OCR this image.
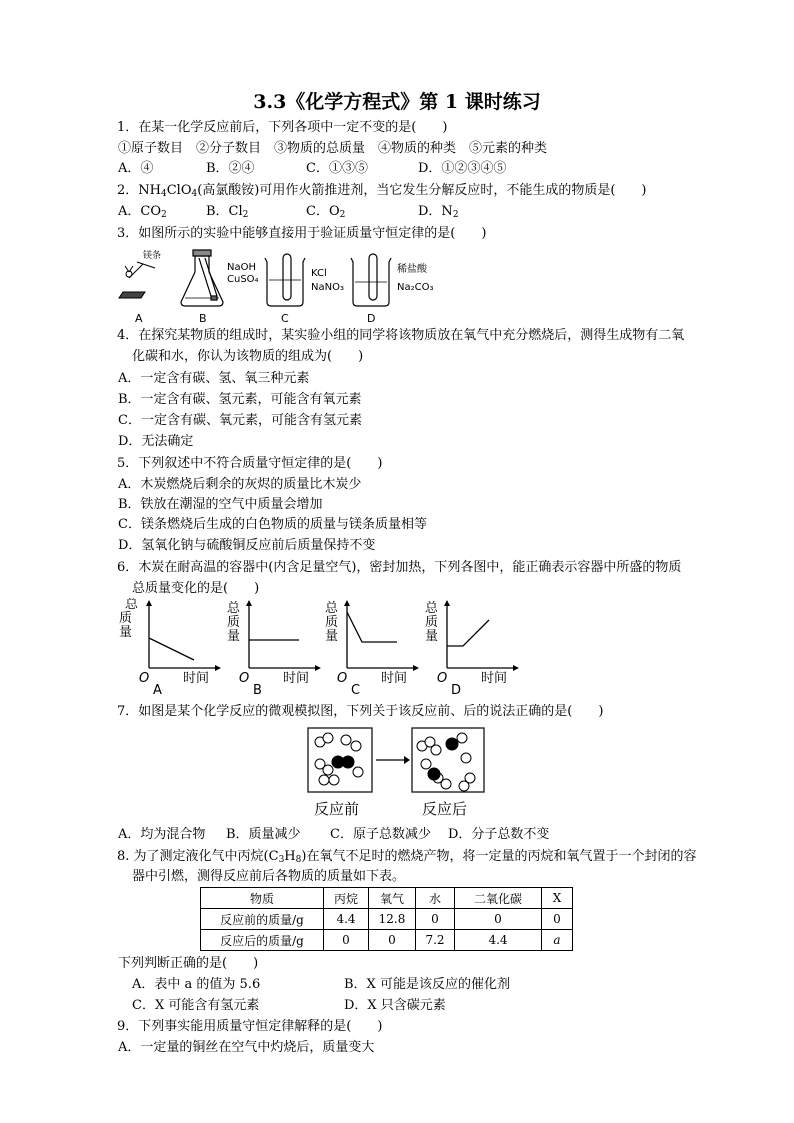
3.3《化学方程式》第 1 课时练习
1．在某一化学反应前后，下列各项中一定不变的是(　　)
①原子数目　②分子数目　③物质的总质量　④物质的种类　⑤元素的种类
A．④	B．②④	C．①③⑤	D．①②③④⑤
2．$NH_4ClO_4$(高氯酸铵)可用作火箭推进剂，当它发生分解反应时，不能生成的物质是(　　)
A．$CO_2$	B．$Cl_2$	C．$O_2$	D．$N_2$
3．如图所示的实验中能够直接用于验证质量守恒定律的是(　　)
镁条
NaOH
CuSO₄
KCl
NaNO₃
稀盐酸
Na₂CO₃
A	B	C	D
4．在探究某物质的组成时，某实验小组的同学将该物质放在氧气中充分燃烧后，测得生成物有二氧
化碳和水，你认为该物质的组成为(　　)
A．一定含有碳、氢、氧三种元素
B．一定含有碳、氢元素，可能含有氧元素
C．一定含有碳、氧元素，可能含有氢元素
D．无法确定
5．下列叙述中不符合质量守恒定律的是(　　)
A．木炭燃烧后剩余的灰烬的质量比木炭少
B．铁放在潮湿的空气中质量会增加
C．镁条燃烧后生成的白色物质的质量与镁条质量相等
D．氢氧化钠与硫酸铜反应前后质量保持不变
6．木炭在耐高温的容器中(内含足量空气)，密封加热，下列各图中，能正确表示容器中所盛的物质
总质量变化的是(　　)
总
质
量
O	时间
A
总
质
量
O	时间
B
总
质
量
O	时间
C
总
质
量
O	时间
D
7．如图是某个化学反应的微观模拟图，下列关于该反应前、后的说法正确的是(　　)
反应前	反应后
A．均为混合物 B．质量减少 C．原子总数减少 D．分子总数不变
8. 为了测定液化气中丙烷$(C_3H_8)$在氧气不足时的燃烧产物，将一定量的丙烷和氧气置于一个封闭的容
器中引燃，测得反应前后各物质的质量如下表。
物质	丙烷	氧气	水	二氧化碳	X
反应前的质量/g	4.4	12.8	0	0	0
反应后的质量/g	0	0	7.2	4.4	a
下列判断正确的是(　　)
A．表中 a 的值为 5.6	B．X 可能是该反应的催化剂
C．X 可能含有氢元素	D．X 只含碳元素
9．下列事实能用质量守恒定律解释的是(　　)
A．一定量的铜丝在空气中灼烧后，质量变大
